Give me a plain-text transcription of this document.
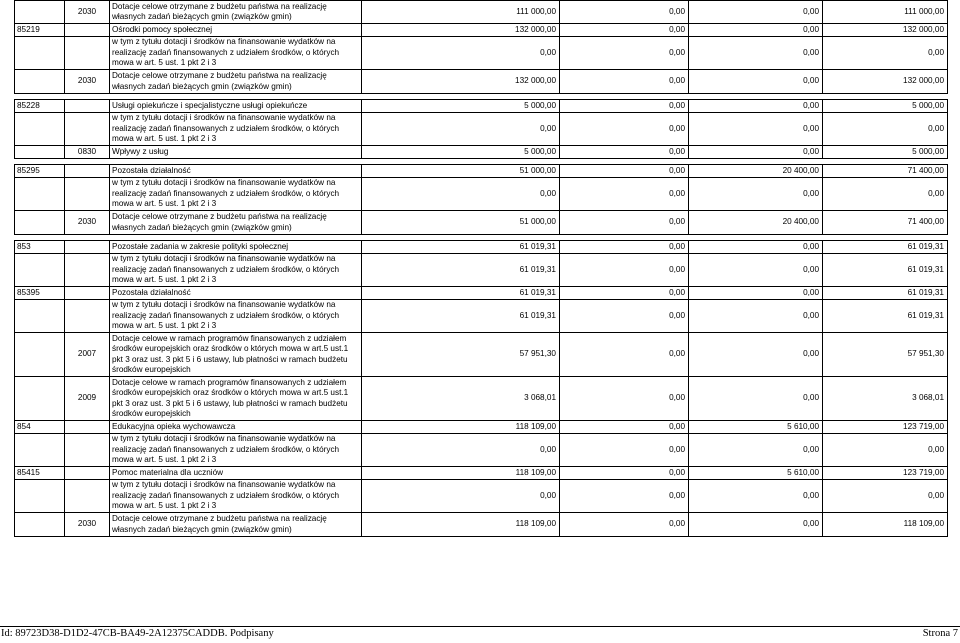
	2030	Dotacje celowe otrzymane z budżetu państwa na realizację własnych zadań bieżących gmin (związków gmin)	111 000,00	0,00	0,00	111 000,00
85219		Ośrodki pomocy społecznej	132 000,00	0,00	0,00	132 000,00
		w tym z tytułu dotacji i środków na finansowanie wydatków na realizację zadań finansowanych z udziałem środków, o których mowa w art. 5 ust. 1 pkt 2 i 3	0,00	0,00	0,00	0,00
	2030	Dotacje celowe otrzymane z budżetu państwa na realizację własnych zadań bieżących gmin (związków gmin)	132 000,00	0,00	0,00	132 000,00

85228		Usługi opiekuńcze i specjalistyczne usługi opiekuńcze	5 000,00	0,00	0,00	5 000,00
		w tym z tytułu dotacji i środków na finansowanie wydatków na realizację zadań finansowanych z udziałem środków, o których mowa w art. 5 ust. 1 pkt 2 i 3	0,00	0,00	0,00	0,00
	0830	Wpływy z usług	5 000,00	0,00	0,00	5 000,00

85295		Pozostała działalność	51 000,00	0,00	20 400,00	71 400,00
		w tym z tytułu dotacji i środków na finansowanie wydatków na realizację zadań finansowanych z udziałem środków, o których mowa w art. 5 ust. 1 pkt 2 i 3	0,00	0,00	0,00	0,00
	2030	Dotacje celowe otrzymane z budżetu państwa na realizację własnych zadań bieżących gmin (związków gmin)	51 000,00	0,00	20 400,00	71 400,00

853		Pozostałe zadania w zakresie polityki społecznej	61 019,31	0,00	0,00	61 019,31
		w tym z tytułu dotacji i środków na finansowanie wydatków na realizację zadań finansowanych z udziałem środków, o których mowa w art. 5 ust. 1 pkt 2 i 3	61 019,31	0,00	0,00	61 019,31
85395		Pozostała działalność	61 019,31	0,00	0,00	61 019,31
		w tym z tytułu dotacji i środków na finansowanie wydatków na realizację zadań finansowanych z udziałem środków, o których mowa w art. 5 ust. 1 pkt 2 i 3	61 019,31	0,00	0,00	61 019,31
	2007	Dotacje celowe w ramach programów finansowanych z udziałem środków europejskich oraz środków o których mowa w art.5 ust.1 pkt 3 oraz ust. 3 pkt 5 i 6 ustawy, lub płatności w ramach budżetu środków europejskich	57 951,30	0,00	0,00	57 951,30
	2009	Dotacje celowe w ramach programów finansowanych z udziałem środków europejskich oraz środków o których mowa w art.5 ust.1 pkt 3 oraz ust. 3 pkt 5 i 6 ustawy, lub płatności w ramach budżetu środków europejskich	3 068,01	0,00	0,00	3 068,01
854		Edukacyjna opieka wychowawcza	118 109,00	0,00	5 610,00	123 719,00
		w tym z tytułu dotacji i środków na finansowanie wydatków na realizację zadań finansowanych z udziałem środków, o których mowa w art. 5 ust. 1 pkt 2 i 3	0,00	0,00	0,00	0,00
85415		Pomoc materialna dla uczniów	118 109,00	0,00	5 610,00	123 719,00
		w tym z tytułu dotacji i środków na finansowanie wydatków na realizację zadań finansowanych z udziałem środków, o których mowa w art. 5 ust. 1 pkt 2 i 3	0,00	0,00	0,00	0,00
	2030	Dotacje celowe otrzymane z budżetu państwa na realizację własnych zadań bieżących gmin (związków gmin)	118 109,00	0,00	0,00	118 109,00
Id: 89723D38-D1D2-47CB-BA49-2A12375CADDB. Podpisany	Strona 7
